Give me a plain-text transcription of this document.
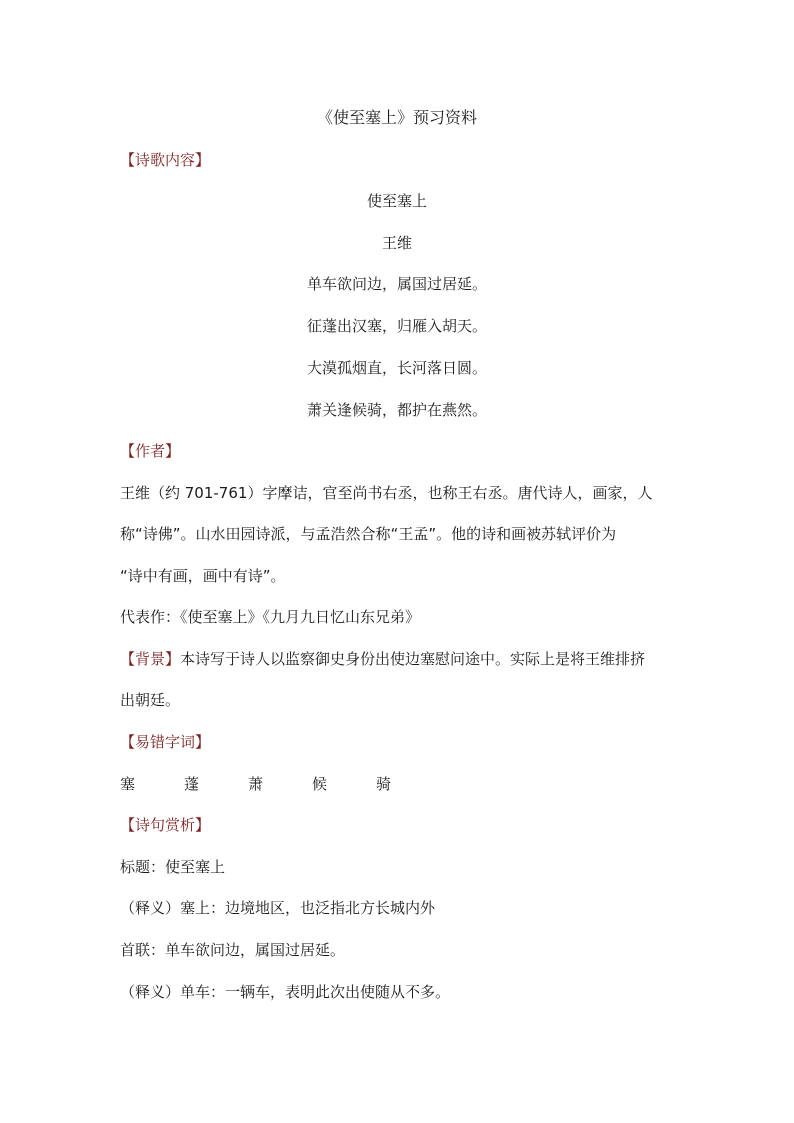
《使至塞上》预习资料
【诗歌内容】
使至塞上
王维
单车欲问边，属国过居延。
征蓬出汉塞，归雁入胡天。
大漠孤烟直，长河落日圆。
萧关逢候骑，都护在燕然。
【作者】
王维（约 701-761）字摩诘，官至尚书右丞，也称王右丞。唐代诗人，画家，人
称“诗佛”。山水田园诗派，与孟浩然合称“王孟”。他的诗和画被苏轼评价为
“诗中有画，画中有诗”。
代表作：《使至塞上》《九月九日忆山东兄弟》
【背景】本诗写于诗人以监察御史身份出使边塞慰问途中。实际上是将王维排挤
出朝廷。
【易错字词】
塞	蓬	萧	候	骑
【诗句赏析】
标题：使至塞上
（释义）塞上：边境地区，也泛指北方长城内外
首联：单车欲问边，属国过居延。
（释义）单车：一辆车，表明此次出使随从不多。
